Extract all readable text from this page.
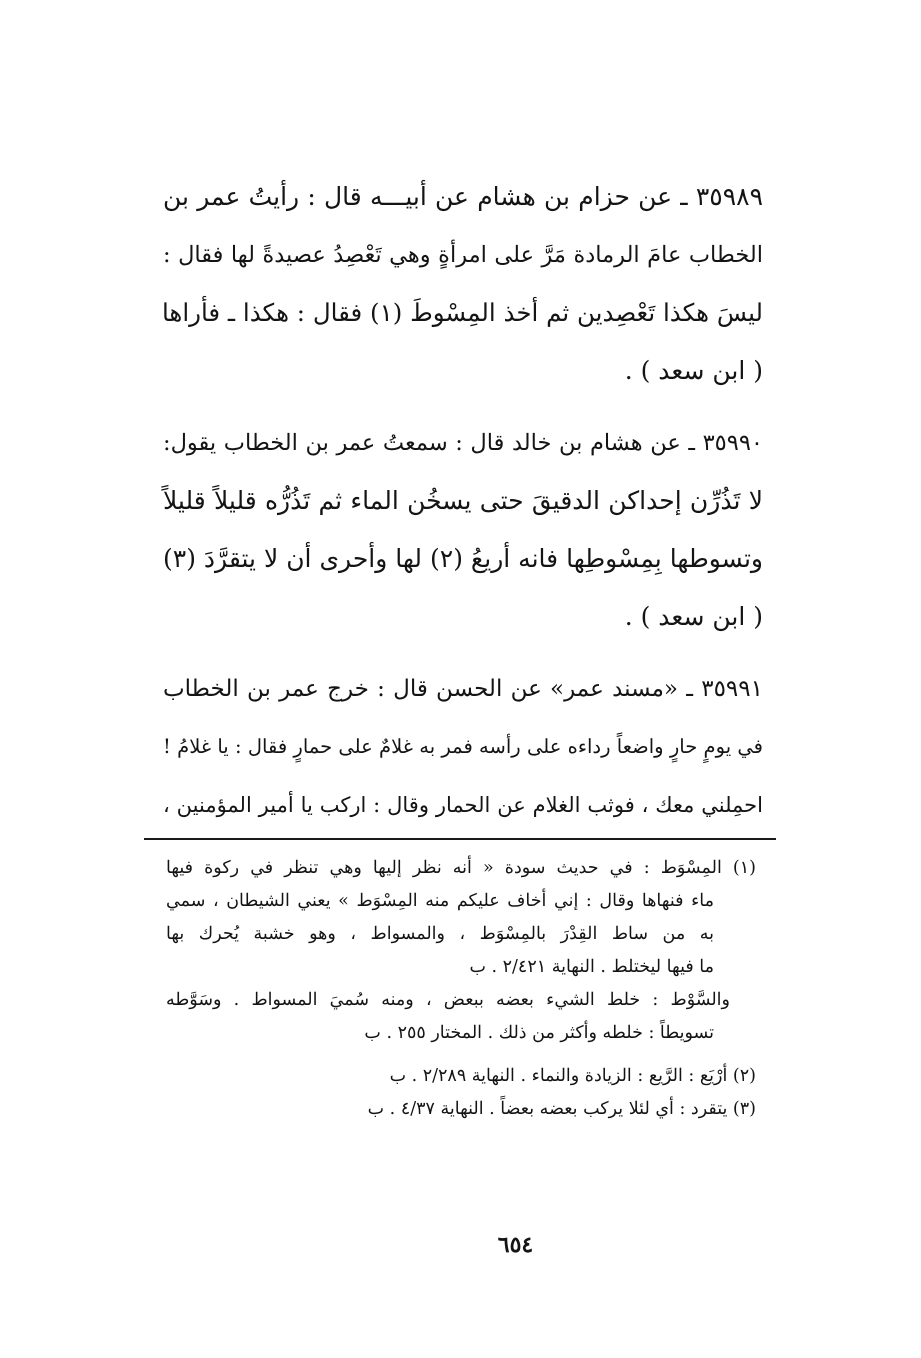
٣٥٩٨٩ ـ عن حزام بن هشام عن أبيـــه قال : رأيتُ عمر بن
الخطاب عامَ الرمادة مَرَّ على امرأةٍ وهي تَعْصِدُ عصيدةً لها فقال :
ليسَ هكذا تَعْصِدين ثم أخذ المِسْوطَ (١) فقال : هكذا ـ فأراها
( ابن سعد ) .
٣٥٩٩٠ ـ عن هشام بن خالد قال : سمعتُ عمر بن الخطاب يقول:
لا تَذُرِّن إحداكن الدقيقَ حتى يسخُن الماء ثم تَذُرُّه قليلاً قليلاً
وتسوطها بِمِسْوطِها فانه أريعُ (٢) لها وأحرى أن لا يتقرَّدَ (٣)
( ابن سعد ) .
٣٥٩٩١ ـ «مسند عمر» عن الحسن قال : خرج عمر بن الخطاب
في يومٍ حارٍ واضعاً رداءه على رأسه فمر به غلامٌ على حمارٍ فقال : يا غلامُ !
احمِلني معك ، فوثب الغلام عن الحمار وقال : اركب يا أمير المؤمنين ،
(١) المِسْوَط : في حديث سودة « أنه نظر إليها وهي تنظر في ركوة فيها
ماء فنهاها وقال : إني أخاف عليكم منه المِسْوَط » يعني الشيطان ، سمي
به من ساط القِدْرَ بالمِسْوَط ، والمسواط ، وهو خشبة يُحرك بها
ما فيها ليختلط . النهاية ٢/٤٢١ . ب
والسَّوْط : خلط الشيء بعضه ببعض ، ومنه سُميَ المسواط . وسَوَّطه
تسويطاً : خلطه وأكثر من ذلك . المختار ٢٥٥ . ب
(٢) أرْيَع : الرَّيع : الزيادة والنماء . النهاية ٢/٢٨٩ . ب
(٣) يتقرد : أي لئلا يركب بعضه بعضاً . النهاية ٤/٣٧ . ب
٦٥٤
